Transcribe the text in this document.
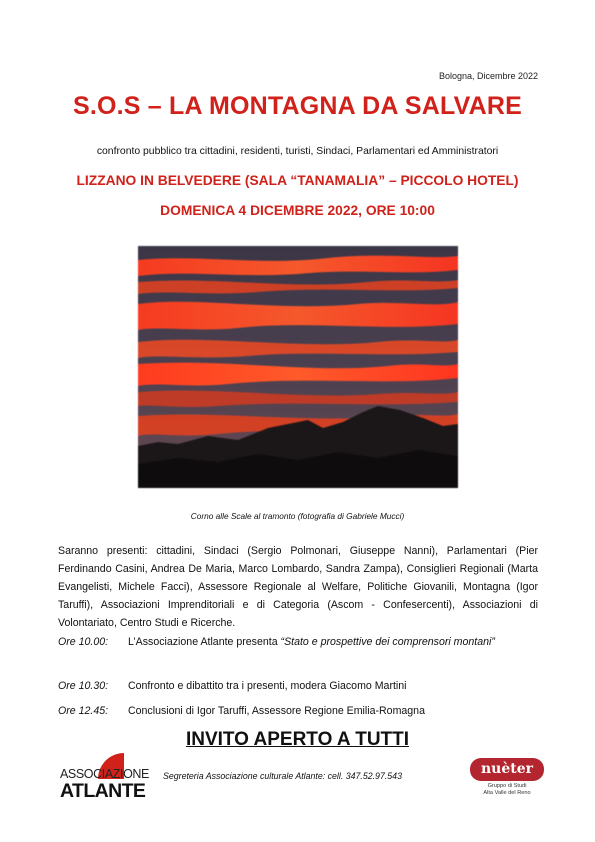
Bologna, Dicembre 2022
S.O.S – LA MONTAGNA DA SALVARE
confronto pubblico tra cittadini, residenti, turisti, Sindaci, Parlamentari ed Amministratori
LIZZANO IN BELVEDERE (SALA “TANAMALIA” – PICCOLO HOTEL)
DOMENICA 4 DICEMBRE 2022, ORE 10:00
Corno alle Scale al tramonto (fotografia di Gabriele Mucci)
Saranno presenti: cittadini, Sindaci (Sergio Polmonari, Giuseppe Nanni), Parlamentari (Pier Ferdinando Casini, Andrea De Maria, Marco Lombardo, Sandra Zampa), Consiglieri Regionali (Marta Evangelisti, Michele Facci), Assessore Regionale al Welfare, Politiche Giovanili, Montagna (Igor Taruffi), Associazioni Imprenditoriali e di Categoria (Ascom - Confesercenti), Associazioni di Volontariato, Centro Studi e Ricerche.
Ore 10.00:	L’Associazione Atlante presenta “Stato e prospettive dei comprensori montani”
Ore 10.30:	Confronto e dibattito tra i presenti, modera Giacomo Martini
Ore 12.45:	Conclusioni di Igor Taruffi, Assessore Regione Emilia-Romagna
INVITO APERTO A TUTTI
ASSOCIAZIONE
ATLANTE
Segreteria Associazione culturale Atlante: cell. 347.52.97.543	nuèter
Gruppo di Studi
Alta Valle del Reno
